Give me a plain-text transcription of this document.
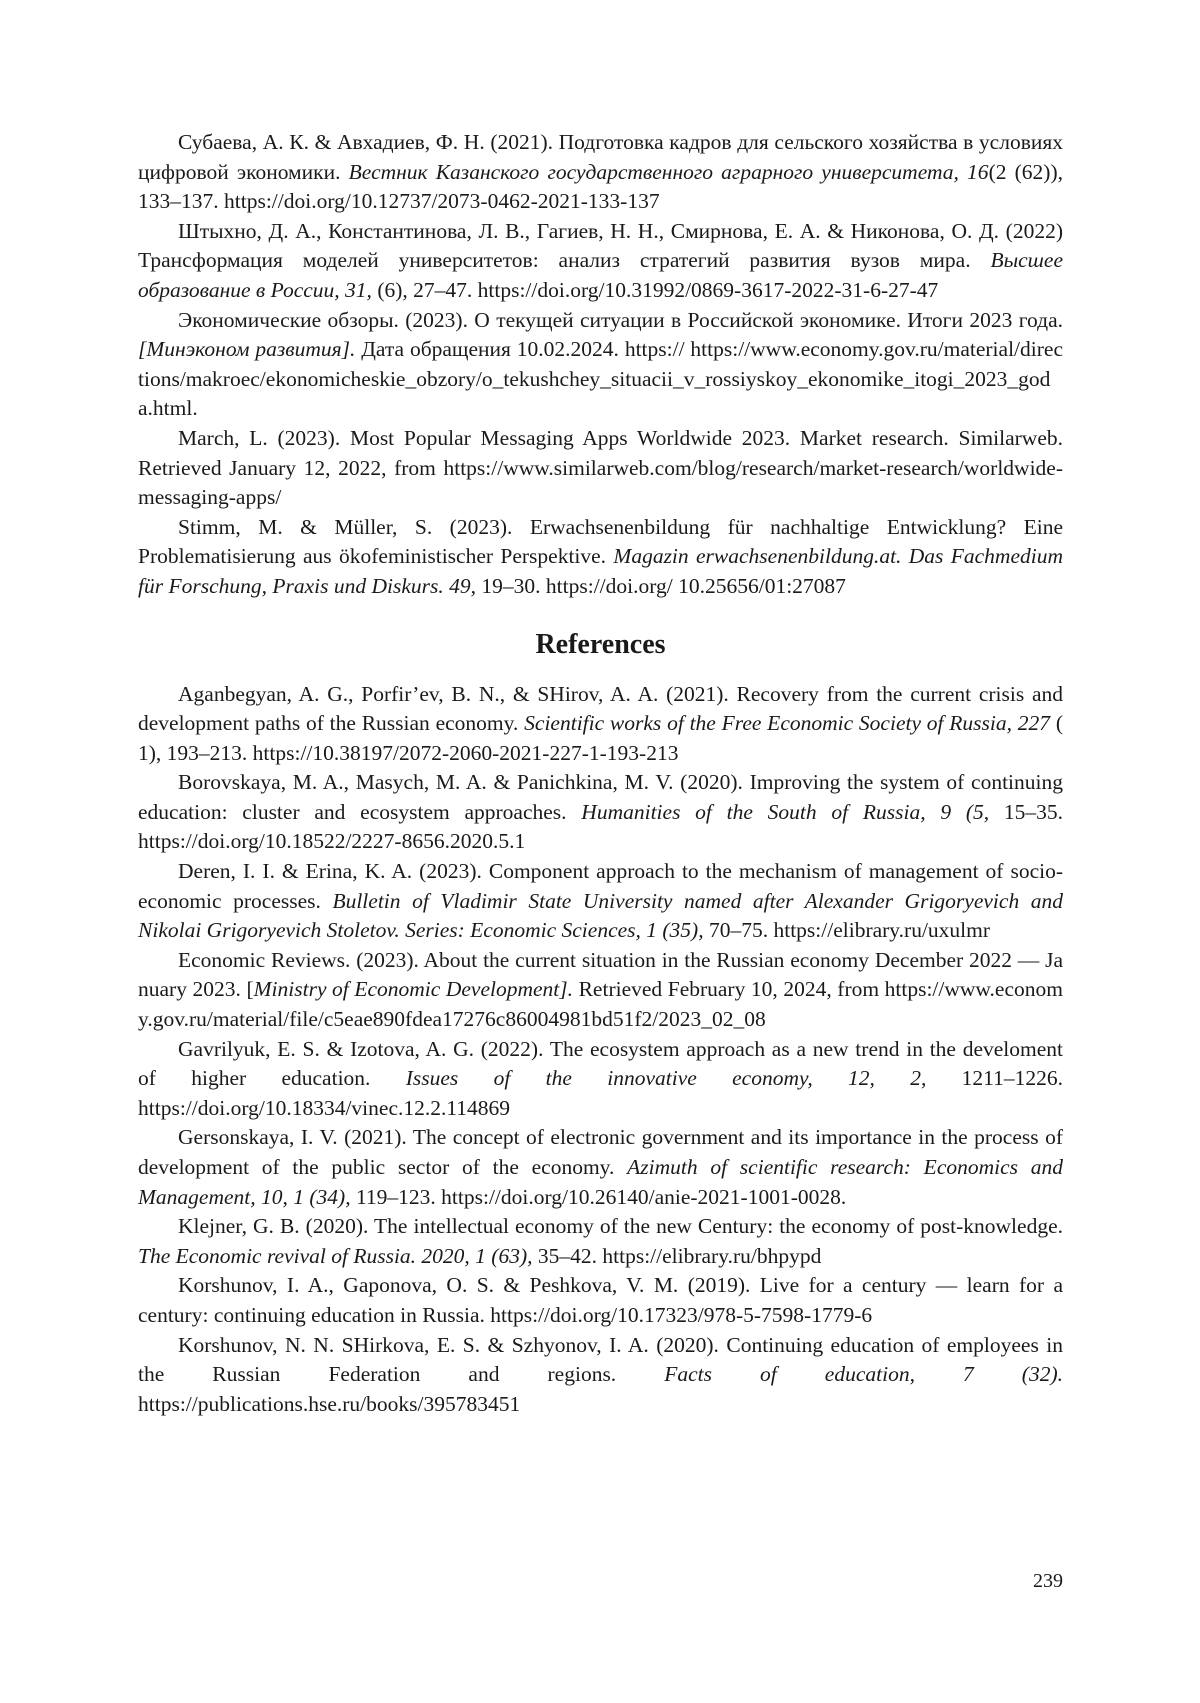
Субаева, А. К. & Авхадиев, Ф. Н. (2021). Подготовка кадров для сельского хозяйства в условиях цифровой экономики. Вестник Казанского государственного аграрного университета, 16(2 (62)), 133–137. https://doi.org/10.12737/2073-0462-2021-133-137

Штыхно, Д. А., Константинова, Л. В., Гагиев, Н. Н., Смирнова, Е. А. & Никонова, О. Д. (2022) Трансформация моделей университетов: анализ стратегий развития вузов мира. Высшее образование в России, 31, (6), 27–47. https://doi.org/10.31992/0869-3617-2022-31-6-27-47

Экономические обзоры. (2023). О текущей ситуации в Российской экономике. Итоги 2023 года. [Минэконом развития]. Дата обращения 10.02.2024. https:// https://www.economy.gov.ru/material/directions/makroec/ekonomicheskie_obzory/o_tekushchey_situacii_v_rossiyskoy_ekonomike_itogi_2023_goda.html.

March, L. (2023). Most Popular Messaging Apps Worldwide 2023. Market research. Similarweb. Retrieved January 12, 2022, from https://www.similarweb.com/blog/research/market-research/worldwide-messaging-apps/

Stimm, M. & Müller, S. (2023). Erwachsenenbildung für nachhaltige Entwicklung? Eine Problematisierung aus ökofeministischer Perspektive. Magazin erwachsenenbildung.at. Das Fachmedium für Forschung, Praxis und Diskurs. 49, 19–30. https://doi.org/ 10.25656/01:27087

References

Aganbegyan, A. G., Porfir’ev, B. N., & SHirov, A. A. (2021). Recovery from the current crisis and development paths of the Russian economy. Scientific works of the Free Economic Society of Russia, 227 ( 1), 193–213. https://10.38197/2072-2060-2021-227-1-193-213

Borovskaya, M. A., Masych, M. A. & Panichkina, M. V. (2020). Improving the system of continuing education: cluster and ecosystem approaches. Humanities of the South of Russia, 9 (5, 15–35. https://doi.org/10.18522/2227-8656.2020.5.1

Deren, I. I. & Erina, K. A. (2023). Component approach to the mechanism of management of socio-economic processes. Bulletin of Vladimir State University named after Alexander Grigoryevich and Nikolai Grigoryevich Stoletov. Series: Economic Sciences, 1 (35), 70–75. https://elibrary.ru/uxulmr

Economic Reviews. (2023). About the current situation in the Russian economy December 2022 — January 2023. [Ministry of Economic Development]. Retrieved February 10, 2024, from https://www.economy.gov.ru/material/file/c5eae890fdea17276c86004981bd51f2/2023_02_08

Gavrilyuk, E. S. & Izotova, A. G. (2022). The ecosystem approach as a new trend in the develoment of higher education. Issues of the innovative economy, 12, 2, 1211–1226. https://doi.org/10.18334/vinec.12.2.114869

Gersonskaya, I. V. (2021). The concept of electronic government and its importance in the process of development of the public sector of the economy. Azimuth of scientific research: Economics and Management, 10, 1 (34), 119–123. https://doi.org/10.26140/anie-2021-1001-0028.

Klejner, G. B. (2020). The intellectual economy of the new Century: the economy of post-knowledge. The Economic revival of Russia. 2020, 1 (63), 35–42. https://elibrary.ru/bhpypd

Korshunov, I. A., Gaponova, O. S. & Peshkova, V. M. (2019). Live for a century — learn for a century: continuing education in Russia. https://doi.org/10.17323/978-5-7598-1779-6

Korshunov, N. N. SHirkova, E. S. & Szhyonov, I. A. (2020). Continuing education of employees in the Russian Federation and regions. Facts of education, 7 (32). https://publications.hse.ru/books/395783451

239
